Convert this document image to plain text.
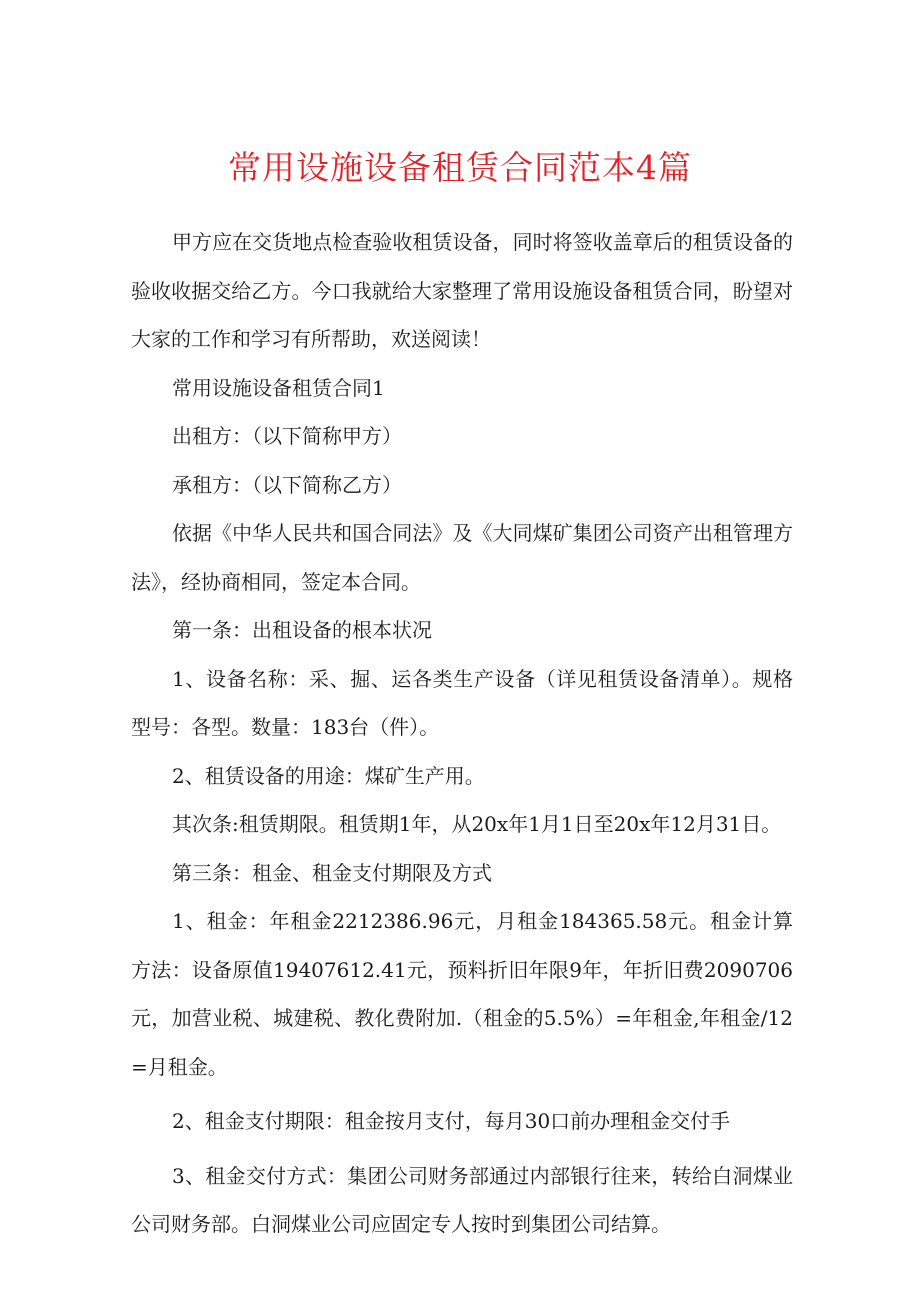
常用设施设备租赁合同范本4篇

甲方应在交货地点检查验收租赁设备，同时将签收盖章后的租赁设备的验收收据交给乙方。今口我就给大家整理了常用设施设备租赁合同，盼望对大家的工作和学习有所帮助，欢送阅读！

常用设施设备租赁合同1

出租方：（以下简称甲方）

承租方：（以下简称乙方）

依据《中华人民共和国合同法》及《大同煤矿集团公司资产出租管理方法》，经协商相同，签定本合同。

第一条：出租设备的根本状况

1、设备名称：采、掘、运各类生产设备（详见租赁设备清单）。规格型号：各型。数量：183台（件）。

2、租赁设备的用途：煤矿生产用。

其次条:租赁期限。租赁期1年，从20x年1月1日至20x年12月31日。

第三条：租金、租金支付期限及方式

1、租金：年租金2212386.96元，月租金184365.58元。租金计算方法：设备原值19407612.41元，预料折旧年限9年，年折旧费2090706元，加营业税、城建税、教化费附加.（租金的5.5%）=年租金,年租金/12=月租金。

2、租金支付期限：租金按月支付，每月30口前办理租金交付手

3、租金交付方式：集团公司财务部通过内部银行往来，转给白洞煤业公司财务部。白洞煤业公司应固定专人按时到集团公司结算。
